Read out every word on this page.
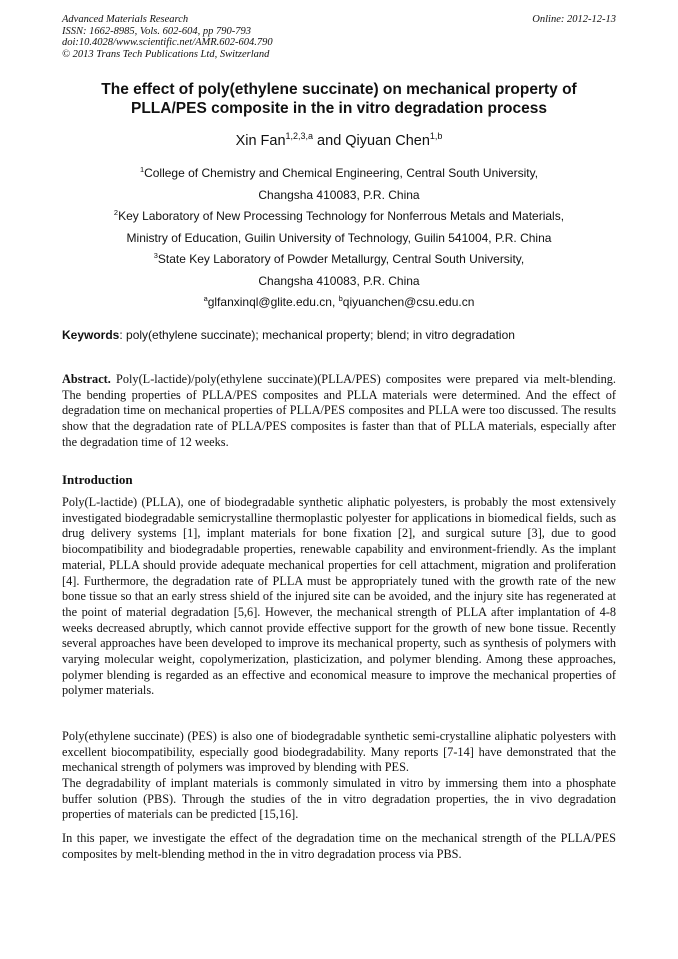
Advanced Materials Research
ISSN: 1662-8985, Vols. 602-604, pp 790-793
doi:10.4028/www.scientific.net/AMR.602-604.790
© 2013 Trans Tech Publications Ltd, Switzerland
Online: 2012-12-13
The effect of poly(ethylene succinate) on mechanical property of PLLA/PES composite in the in vitro degradation process
Xin Fan$^{1,2,3,a}$ and Qiyuan Chen$^{1,b}$
$^1$College of Chemistry and Chemical Engineering, Central South University,
Changsha 410083, P.R. China
$^2$Key Laboratory of New Processing Technology for Nonferrous Metals and Materials,
Ministry of Education, Guilin University of Technology, Guilin 541004, P.R. China
$^3$State Key Laboratory of Powder Metallurgy, Central South University,
Changsha 410083, P.R. China
$^a$glfanxinql@glite.edu.cn, $^b$qiyuanchen@csu.edu.cn
Keywords: poly(ethylene succinate); mechanical property; blend; in vitro degradation

Abstract. Poly(L-lactide)/poly(ethylene succinate)(PLLA/PES) composites were prepared via melt-blending. The bending properties of PLLA/PES composites and PLLA materials were determined. And the effect of degradation time on mechanical properties of PLLA/PES composites and PLLA were too discussed. The results show that the degradation rate of PLLA/PES composites is faster than that of PLLA materials, especially after the degradation time of 12 weeks.

Introduction

Poly(L-lactide) (PLLA), one of biodegradable synthetic aliphatic polyesters, is probably the most extensively investigated biodegradable semicrystalline thermoplastic polyester for applications in biomedical fields, such as drug delivery systems [1], implant materials for bone fixation [2], and surgical suture [3], due to good biocompatibility and biodegradable properties, renewable capability and environment-friendly. As the implant material, PLLA should provide adequate mechanical properties for cell attachment, migration and proliferation [4]. Furthermore, the degradation rate of PLLA must be appropriately tuned with the growth rate of the new bone tissue so that an early stress shield of the injured site can be avoided, and the injury site has regenerated at the point of material degradation [5,6]. However, the mechanical strength of PLLA after implantation of 4-8 weeks decreased abruptly, which cannot provide effective support for the growth of new bone tissue. Recently several approaches have been developed to improve its mechanical property, such as synthesis of polymers with varying molecular weight, copolymerization, plasticization, and polymer blending. Among these approaches, polymer blending is regarded as an effective and economical measure to improve the mechanical properties of polymer materials.

Poly(ethylene succinate) (PES) is also one of biodegradable synthetic semi-crystalline aliphatic polyesters with excellent biocompatibility, especially good biodegradability. Many reports [7-14] have demonstrated that the mechanical strength of polymers was improved by blending with PES.

The degradability of implant materials is commonly simulated in vitro by immersing them into a phosphate buffer solution (PBS). Through the studies of the in vitro degradation properties, the in vivo degradation properties of materials can be predicted [15,16].

In this paper, we investigate the effect of the degradation time on the mechanical strength of the PLLA/PES composites by melt-blending method in the in vitro degradation process via PBS.
